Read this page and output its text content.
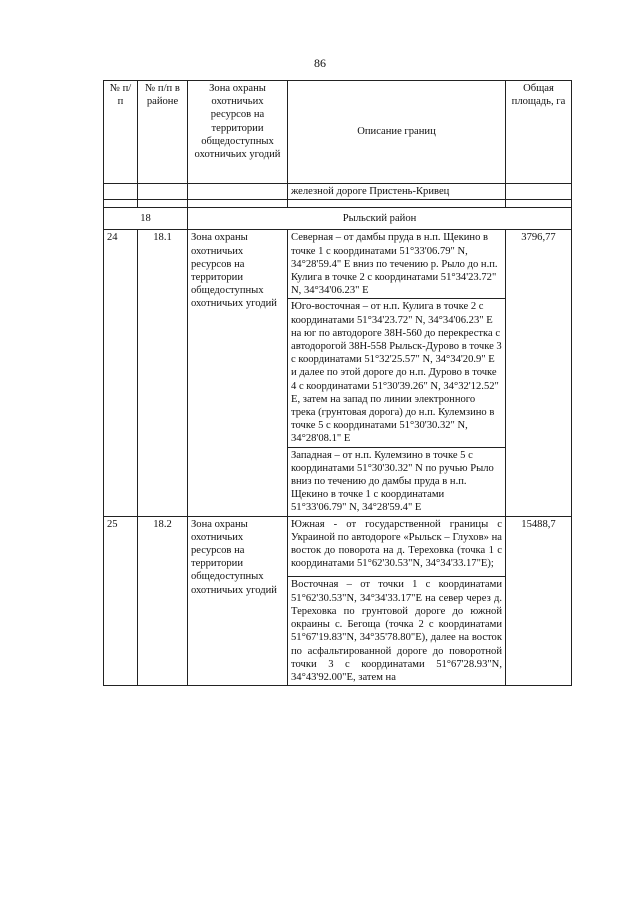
86
№ п/п	№ п/п в районе	Зона охраны охотничьих ресурсов на территории общедоступных охотничьих угодий	Описание границ	Общая площадь, га
			железной дороге Пристень-Кривец	

18		Рыльский район		
24	18.1	Зона охраны охотничьих ресурсов на территории общедоступных охотничьих угодий	Северная – от дамбы пруда в н.п. Щекино в точке 1 с координатами 51°33'06.79" N, 34°28'59.4" E вниз по течению р. Рыло до н.п. Кулига в точке 2 с координатами 51°34'23.72" N, 34°34'06.23" E	3796,77
			Юго-восточная – от н.п. Кулига в точке 2 с координатами 51°34'23.72" N, 34°34'06.23" E на юг по автодороге 38Н-560 до перекрестка с автодорогой 38Н-558 Рыльск-Дурово в точке 3 с координатами 51°32'25.57" N, 34°34'20.9" E и далее по этой дороге до н.п. Дурово в точке 4 с координатами 51°30'39.26" N, 34°32'12.52" E, затем на запад по линии электронного трека (грунтовая дорога) до н.п. Кулемзино в точке 5 с координатами 51°30'30.32" N, 34°28'08.1" E	
			Западная – от н.п. Кулемзино в точке 5 с координатами 51°30'30.32" N по ручью Рыло вниз по течению до дамбы пруда в н.п. Щекино в точке 1 с координатами 51°33'06.79" N, 34°28'59.4" E	
25	18.2	Зона охраны охотничьих ресурсов на территории общедоступных охотничьих угодий	Южная - от государственной границы с Украиной по автодороге «Рыльск – Глухов» на восток до поворота на д. Тереховка (точка 1 с координатами 51°62'30.53"N, 34°34'33.17"E);	15488,7
			Восточная – от точки 1 с координатами 51°62'30.53"N, 34°34'33.17"E на север через д. Тереховка по грунтовой дороге до южной окраины с. Бегоща (точка 2 с координатами 51°67'19.83"N, 34°35'78.80"E), далее на восток по асфальтированной дороге до поворотной точки 3 с координатами 51°67'28.93"N, 34°43'92.00"E, затем на	
